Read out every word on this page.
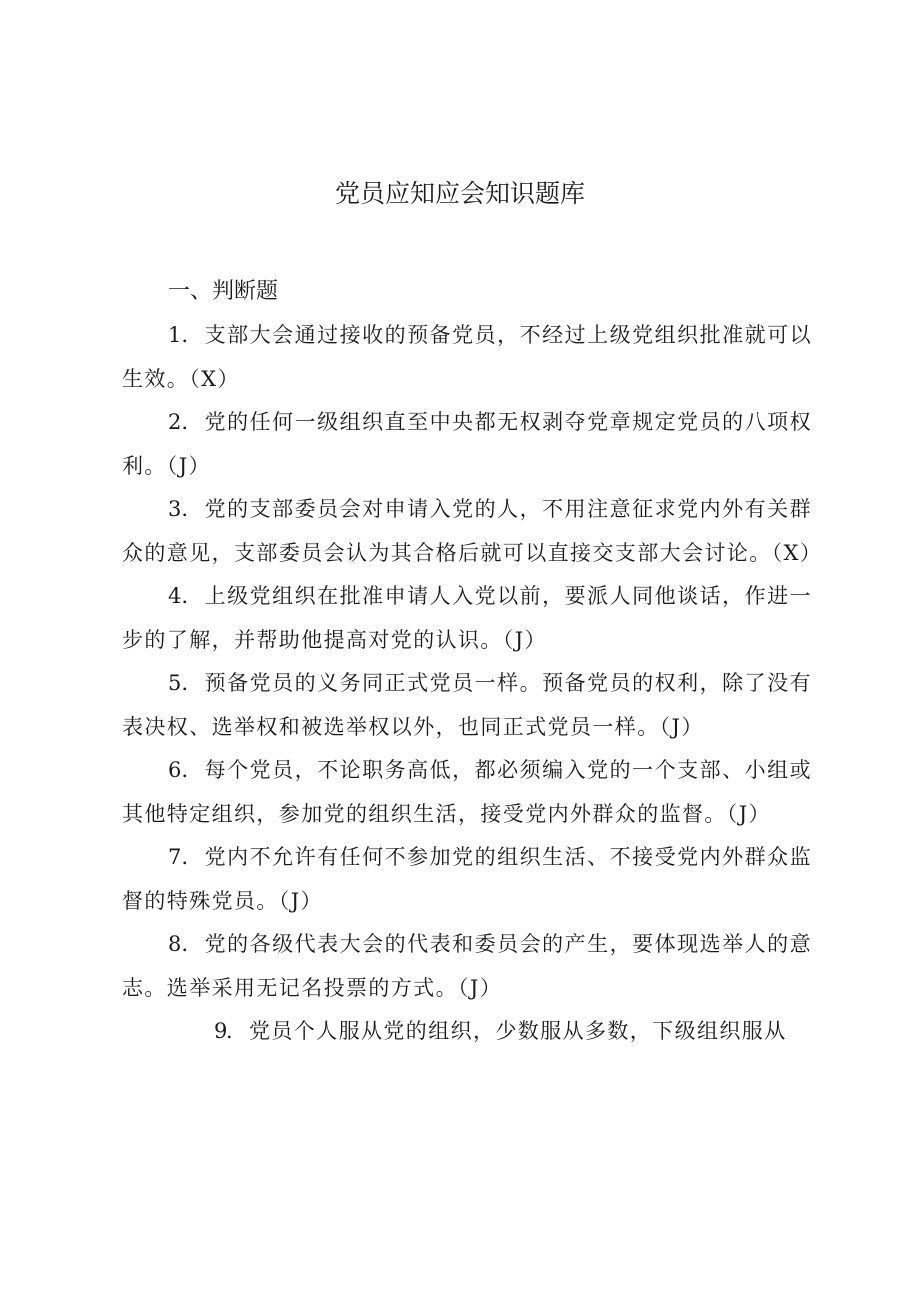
党员应知应会知识题库
一、判断题

1．支部大会通过接收的预备党员，不经过上级党组织批准就可以生效。（X）

2．党的任何一级组织直至中央都无权剥夺党章规定党员的八项权利。（J）

3．党的支部委员会对申请入党的人，不用注意征求党内外有关群众的意见，支部委员会认为其合格后就可以直接交支部大会讨论。（X）

4．上级党组织在批准申请人入党以前，要派人同他谈话，作进一步的了解，并帮助他提高对党的认识。（J）

5．预备党员的义务同正式党员一样。预备党员的权利，除了没有表决权、选举权和被选举权以外，也同正式党员一样。（J）

6．每个党员，不论职务高低，都必须编入党的一个支部、小组或其他特定组织，参加党的组织生活，接受党内外群众的监督。（J）

7．党内不允许有任何不参加党的组织生活、不接受党内外群众监督的特殊党员。（J）

8．党的各级代表大会的代表和委员会的产生，要体现选举人的意志。选举采用无记名投票的方式。（J）

9．党员个人服从党的组织，少数服从多数，下级组织服从
